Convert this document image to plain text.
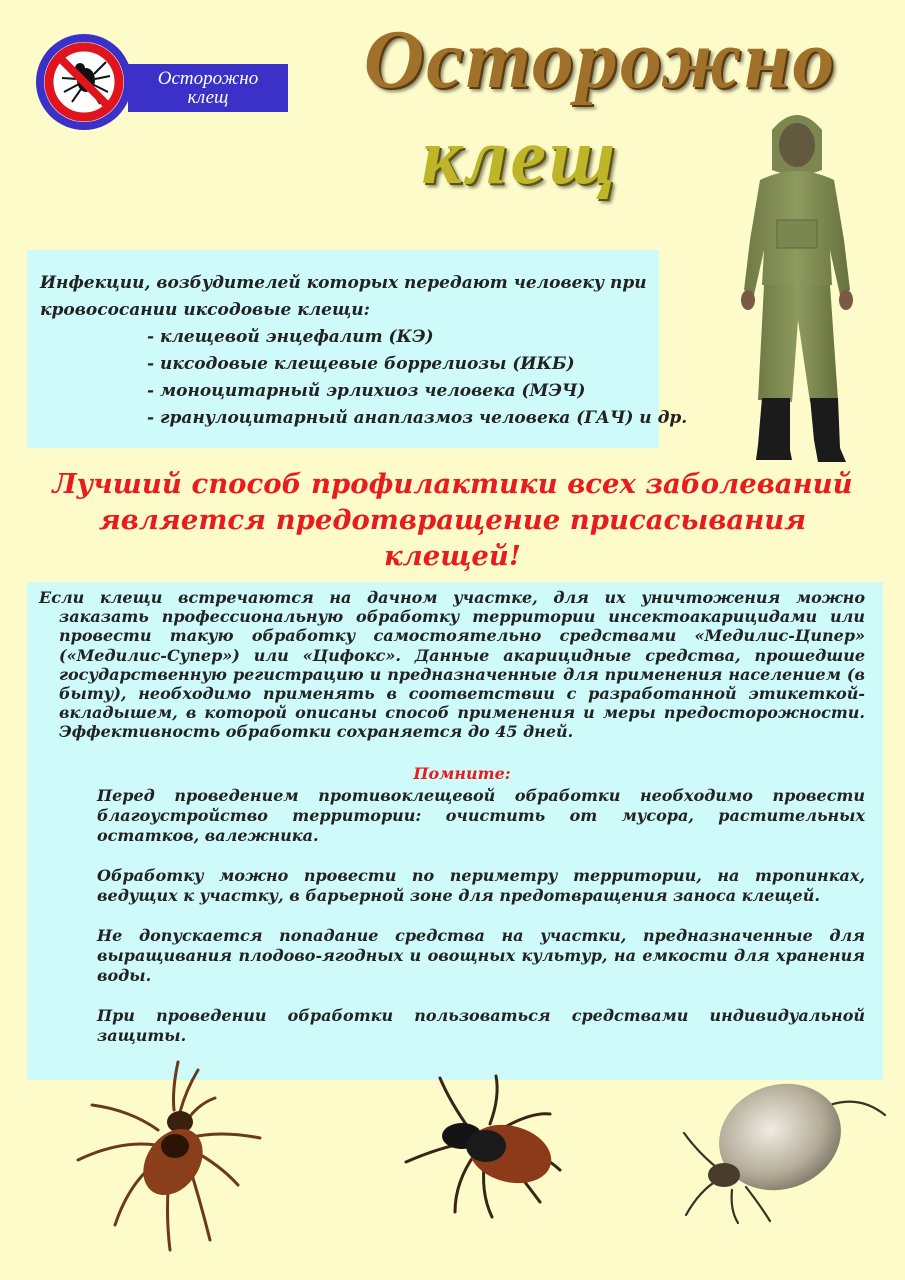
Осторожно
клещ	Осторожно
клещ

Инфекции, возбудителей которых передают человеку при кровососании иксодовые клещи:

- клещевой энцефалит (КЭ)
- иксодовые клещевые боррелиозы (ИКБ)
- моноцитарный эрлихиоз человека (МЭЧ)
- гранулоцитарный анаплазмоз человека (ГАЧ) и др.
Лучший способ профилактики всех заболеваний
является предотвращение присасывания
клещей!

Если клещи встречаются на дачном участке, для их уничтожения можно заказать профессиональную обработку территории инсектоакарицидами или провести такую обработку самостоятельно средствами «Медилис-Ципер» («Медилис-Супер») или «Цифокс». Данные акарицидные средства, прошедшие государственную регистрацию и предназначенные для применения населением (в быту), необходимо применять в соответствии с разработанной этикеткой-вкладышем, в которой описаны способ применения и меры предосторожности. Эффективность обработки сохраняется до 45 дней.

Помните:

Перед проведением противоклещевой обработки необходимо провести благоустройство территории: очистить от мусора, растительных остатков, валежника.

Обработку можно провести по периметру территории, на тропинках, ведущих к участку, в барьерной зоне для предотвращения заноса клещей.

Не допускается попадание средства на участки, предназначенные для выращивания плодово-ягодных и овощных культур, на емкости для хранения воды.

При проведении обработки пользоваться средствами индивидуальной защиты.
